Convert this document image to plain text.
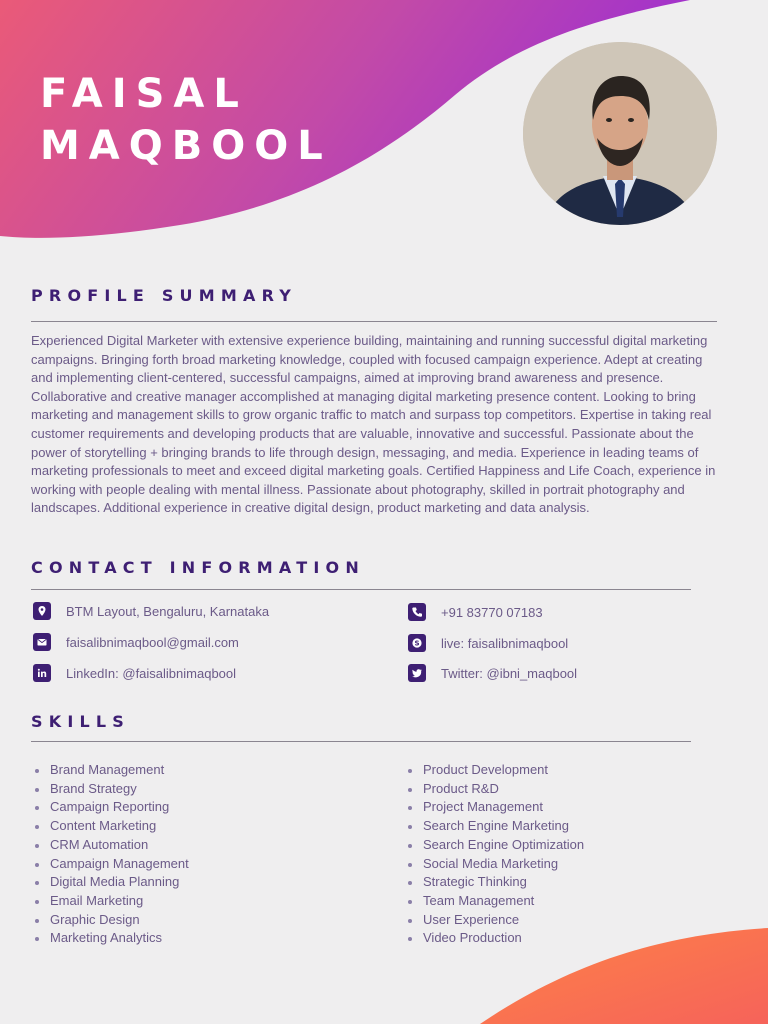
FAISAL
MAQBOOL
PROFILE SUMMARY
Experienced Digital Marketer with extensive experience building, maintaining and running successful digital marketing campaigns. Bringing forth broad marketing knowledge, coupled with focused campaign experience. Adept at creating and implementing client-centered, successful campaigns, aimed at improving brand awareness and presence. Collaborative and creative manager accomplished at managing digital marketing presence content. Looking to bring marketing and management skills to grow organic traffic to match and surpass top competitors. Expertise in taking real customer requirements and developing products that are valuable, innovative and successful. Passionate about the power of storytelling + bringing brands to life through design, messaging, and media. Experience in leading teams of marketing professionals to meet and exceed digital marketing goals. Certified Happiness and Life Coach, experience in working with people dealing with mental illness. Passionate about photography, skilled in portrait photography and landscapes. Additional experience in creative digital design, product marketing and data analysis.
CONTACT INFORMATION
BTM Layout, Bengaluru, Karnataka	+91 83770 07183
faisalibnimaqbool@gmail.com	S live: faisalibnimaqbool
LinkedIn: @faisalibnimaqbool	Twitter: @ibni_maqbool
SKILLS
Brand Management
Brand Strategy
Campaign Reporting
Content Marketing
CRM Automation
Campaign Management
Digital Media Planning
Email Marketing
Graphic Design
Marketing Analytics
Product Development
Product R&D
Project Management
Search Engine Marketing
Search Engine Optimization
Social Media Marketing
Strategic Thinking
Team Management
User Experience
Video Production
